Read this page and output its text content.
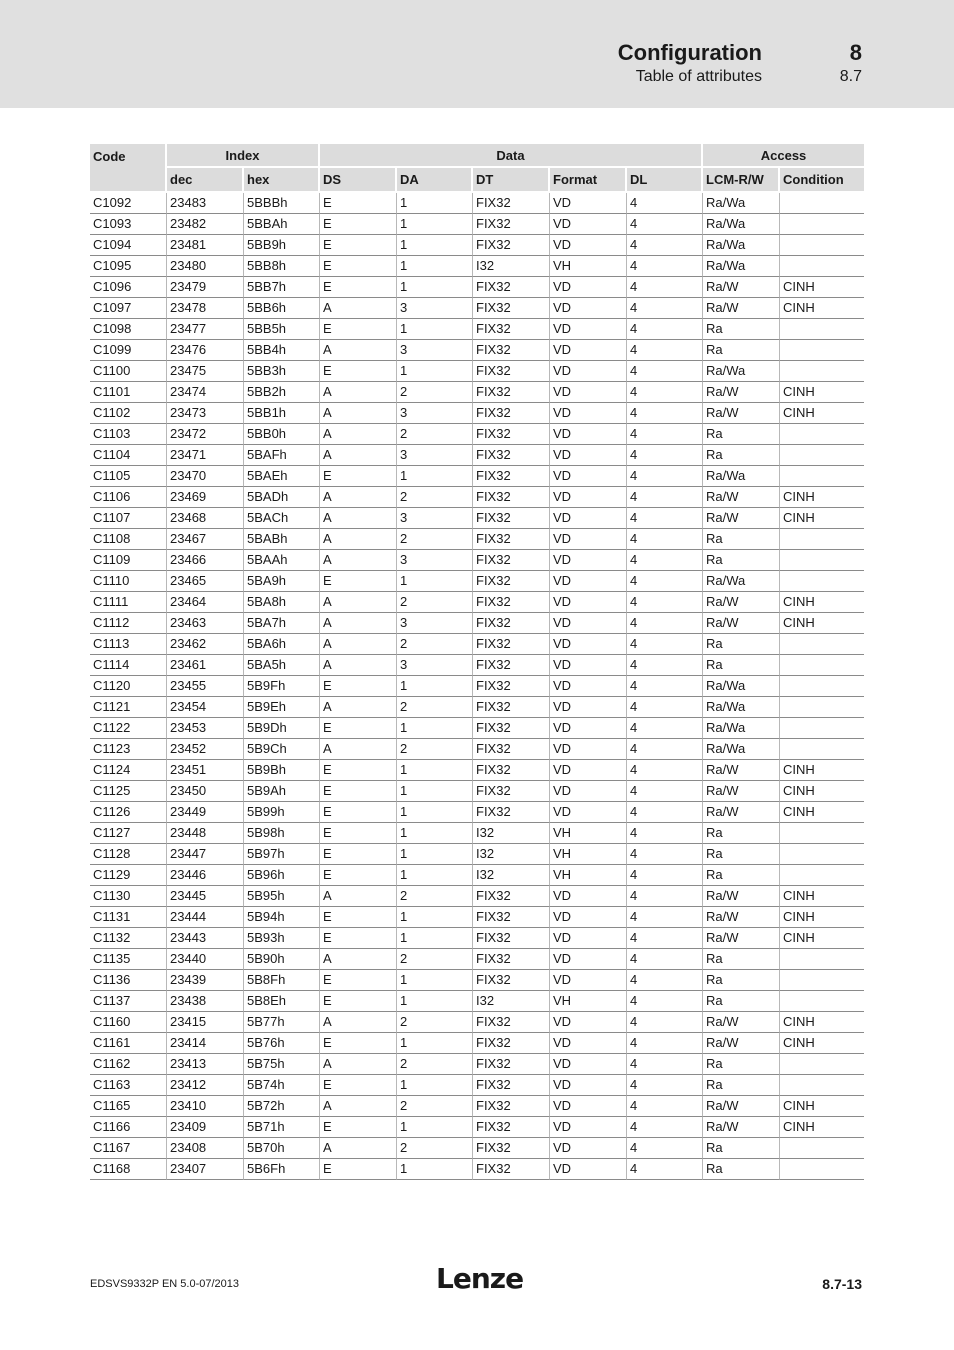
Configuration	8
Table of attributes	8.7
Code	Index		Data					Access	
	dec	hex	DS	DA	DT	Format	DL	LCM-R/W	Condition
C1092	23483	5BBBh	E	1	FIX32	VD	4	Ra/Wa	
C1093	23482	5BBAh	E	1	FIX32	VD	4	Ra/Wa	
C1094	23481	5BB9h	E	1	FIX32	VD	4	Ra/Wa	
C1095	23480	5BB8h	E	1	I32	VH	4	Ra/Wa	
C1096	23479	5BB7h	E	1	FIX32	VD	4	Ra/W	CINH
C1097	23478	5BB6h	A	3	FIX32	VD	4	Ra/W	CINH
C1098	23477	5BB5h	E	1	FIX32	VD	4	Ra	
C1099	23476	5BB4h	A	3	FIX32	VD	4	Ra	
C1100	23475	5BB3h	E	1	FIX32	VD	4	Ra/Wa	
C1101	23474	5BB2h	A	2	FIX32	VD	4	Ra/W	CINH
C1102	23473	5BB1h	A	3	FIX32	VD	4	Ra/W	CINH
C1103	23472	5BB0h	A	2	FIX32	VD	4	Ra	
C1104	23471	5BAFh	A	3	FIX32	VD	4	Ra	
C1105	23470	5BAEh	E	1	FIX32	VD	4	Ra/Wa	
C1106	23469	5BADh	A	2	FIX32	VD	4	Ra/W	CINH
C1107	23468	5BACh	A	3	FIX32	VD	4	Ra/W	CINH
C1108	23467	5BABh	A	2	FIX32	VD	4	Ra	
C1109	23466	5BAAh	A	3	FIX32	VD	4	Ra	
C1110	23465	5BA9h	E	1	FIX32	VD	4	Ra/Wa	
C1111	23464	5BA8h	A	2	FIX32	VD	4	Ra/W	CINH
C1112	23463	5BA7h	A	3	FIX32	VD	4	Ra/W	CINH
C1113	23462	5BA6h	A	2	FIX32	VD	4	Ra	
C1114	23461	5BA5h	A	3	FIX32	VD	4	Ra	
C1120	23455	5B9Fh	E	1	FIX32	VD	4	Ra/Wa	
C1121	23454	5B9Eh	A	2	FIX32	VD	4	Ra/Wa	
C1122	23453	5B9Dh	E	1	FIX32	VD	4	Ra/Wa	
C1123	23452	5B9Ch	A	2	FIX32	VD	4	Ra/Wa	
C1124	23451	5B9Bh	E	1	FIX32	VD	4	Ra/W	CINH
C1125	23450	5B9Ah	E	1	FIX32	VD	4	Ra/W	CINH
C1126	23449	5B99h	E	1	FIX32	VD	4	Ra/W	CINH
C1127	23448	5B98h	E	1	I32	VH	4	Ra	
C1128	23447	5B97h	E	1	I32	VH	4	Ra	
C1129	23446	5B96h	E	1	I32	VH	4	Ra	
C1130	23445	5B95h	A	2	FIX32	VD	4	Ra/W	CINH
C1131	23444	5B94h	E	1	FIX32	VD	4	Ra/W	CINH
C1132	23443	5B93h	E	1	FIX32	VD	4	Ra/W	CINH
C1135	23440	5B90h	A	2	FIX32	VD	4	Ra	
C1136	23439	5B8Fh	E	1	FIX32	VD	4	Ra	
C1137	23438	5B8Eh	E	1	I32	VH	4	Ra	
C1160	23415	5B77h	A	2	FIX32	VD	4	Ra/W	CINH
C1161	23414	5B76h	E	1	FIX32	VD	4	Ra/W	CINH
C1162	23413	5B75h	A	2	FIX32	VD	4	Ra	
C1163	23412	5B74h	E	1	FIX32	VD	4	Ra	
C1165	23410	5B72h	A	2	FIX32	VD	4	Ra/W	CINH
C1166	23409	5B71h	E	1	FIX32	VD	4	Ra/W	CINH
C1167	23408	5B70h	A	2	FIX32	VD	4	Ra	
C1168	23407	5B6Fh	E	1	FIX32	VD	4	Ra	
EDSVS9332P EN 5.0-07/2013	Lenze	8.7-13
